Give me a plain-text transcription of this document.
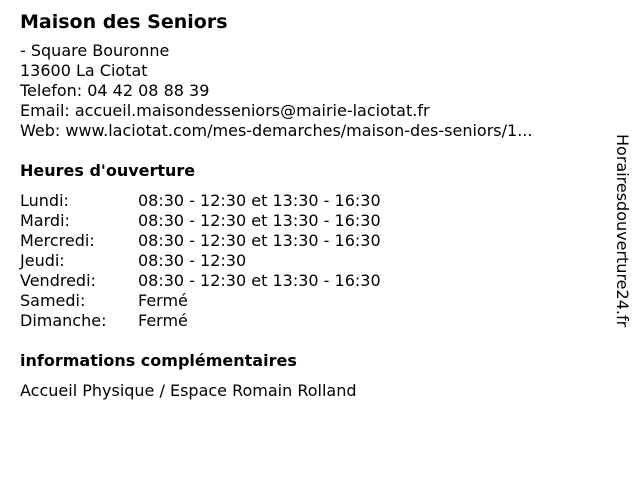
Maison des Seniors
- Square Bouronne
13600 La Ciotat
Telefon: 04 42 08 88 39
Email: accueil.maisondesseniors@mairie-laciotat.fr
Web: www.laciotat.com/mes-demarches/maison-des-seniors/1...
Heures d'ouverture
Lundi:	08:30 - 12:30 et 13:30 - 16:30
Mardi:	08:30 - 12:30 et 13:30 - 16:30
Mercredi:	08:30 - 12:30 et 13:30 - 16:30
Jeudi:	08:30 - 12:30
Vendredi:	08:30 - 12:30 et 13:30 - 16:30
Samedi:	Fermé
Dimanche:	Fermé
informations complémentaires
Accueil Physique / Espace Romain Rolland
Horairesdouverture24.fr
